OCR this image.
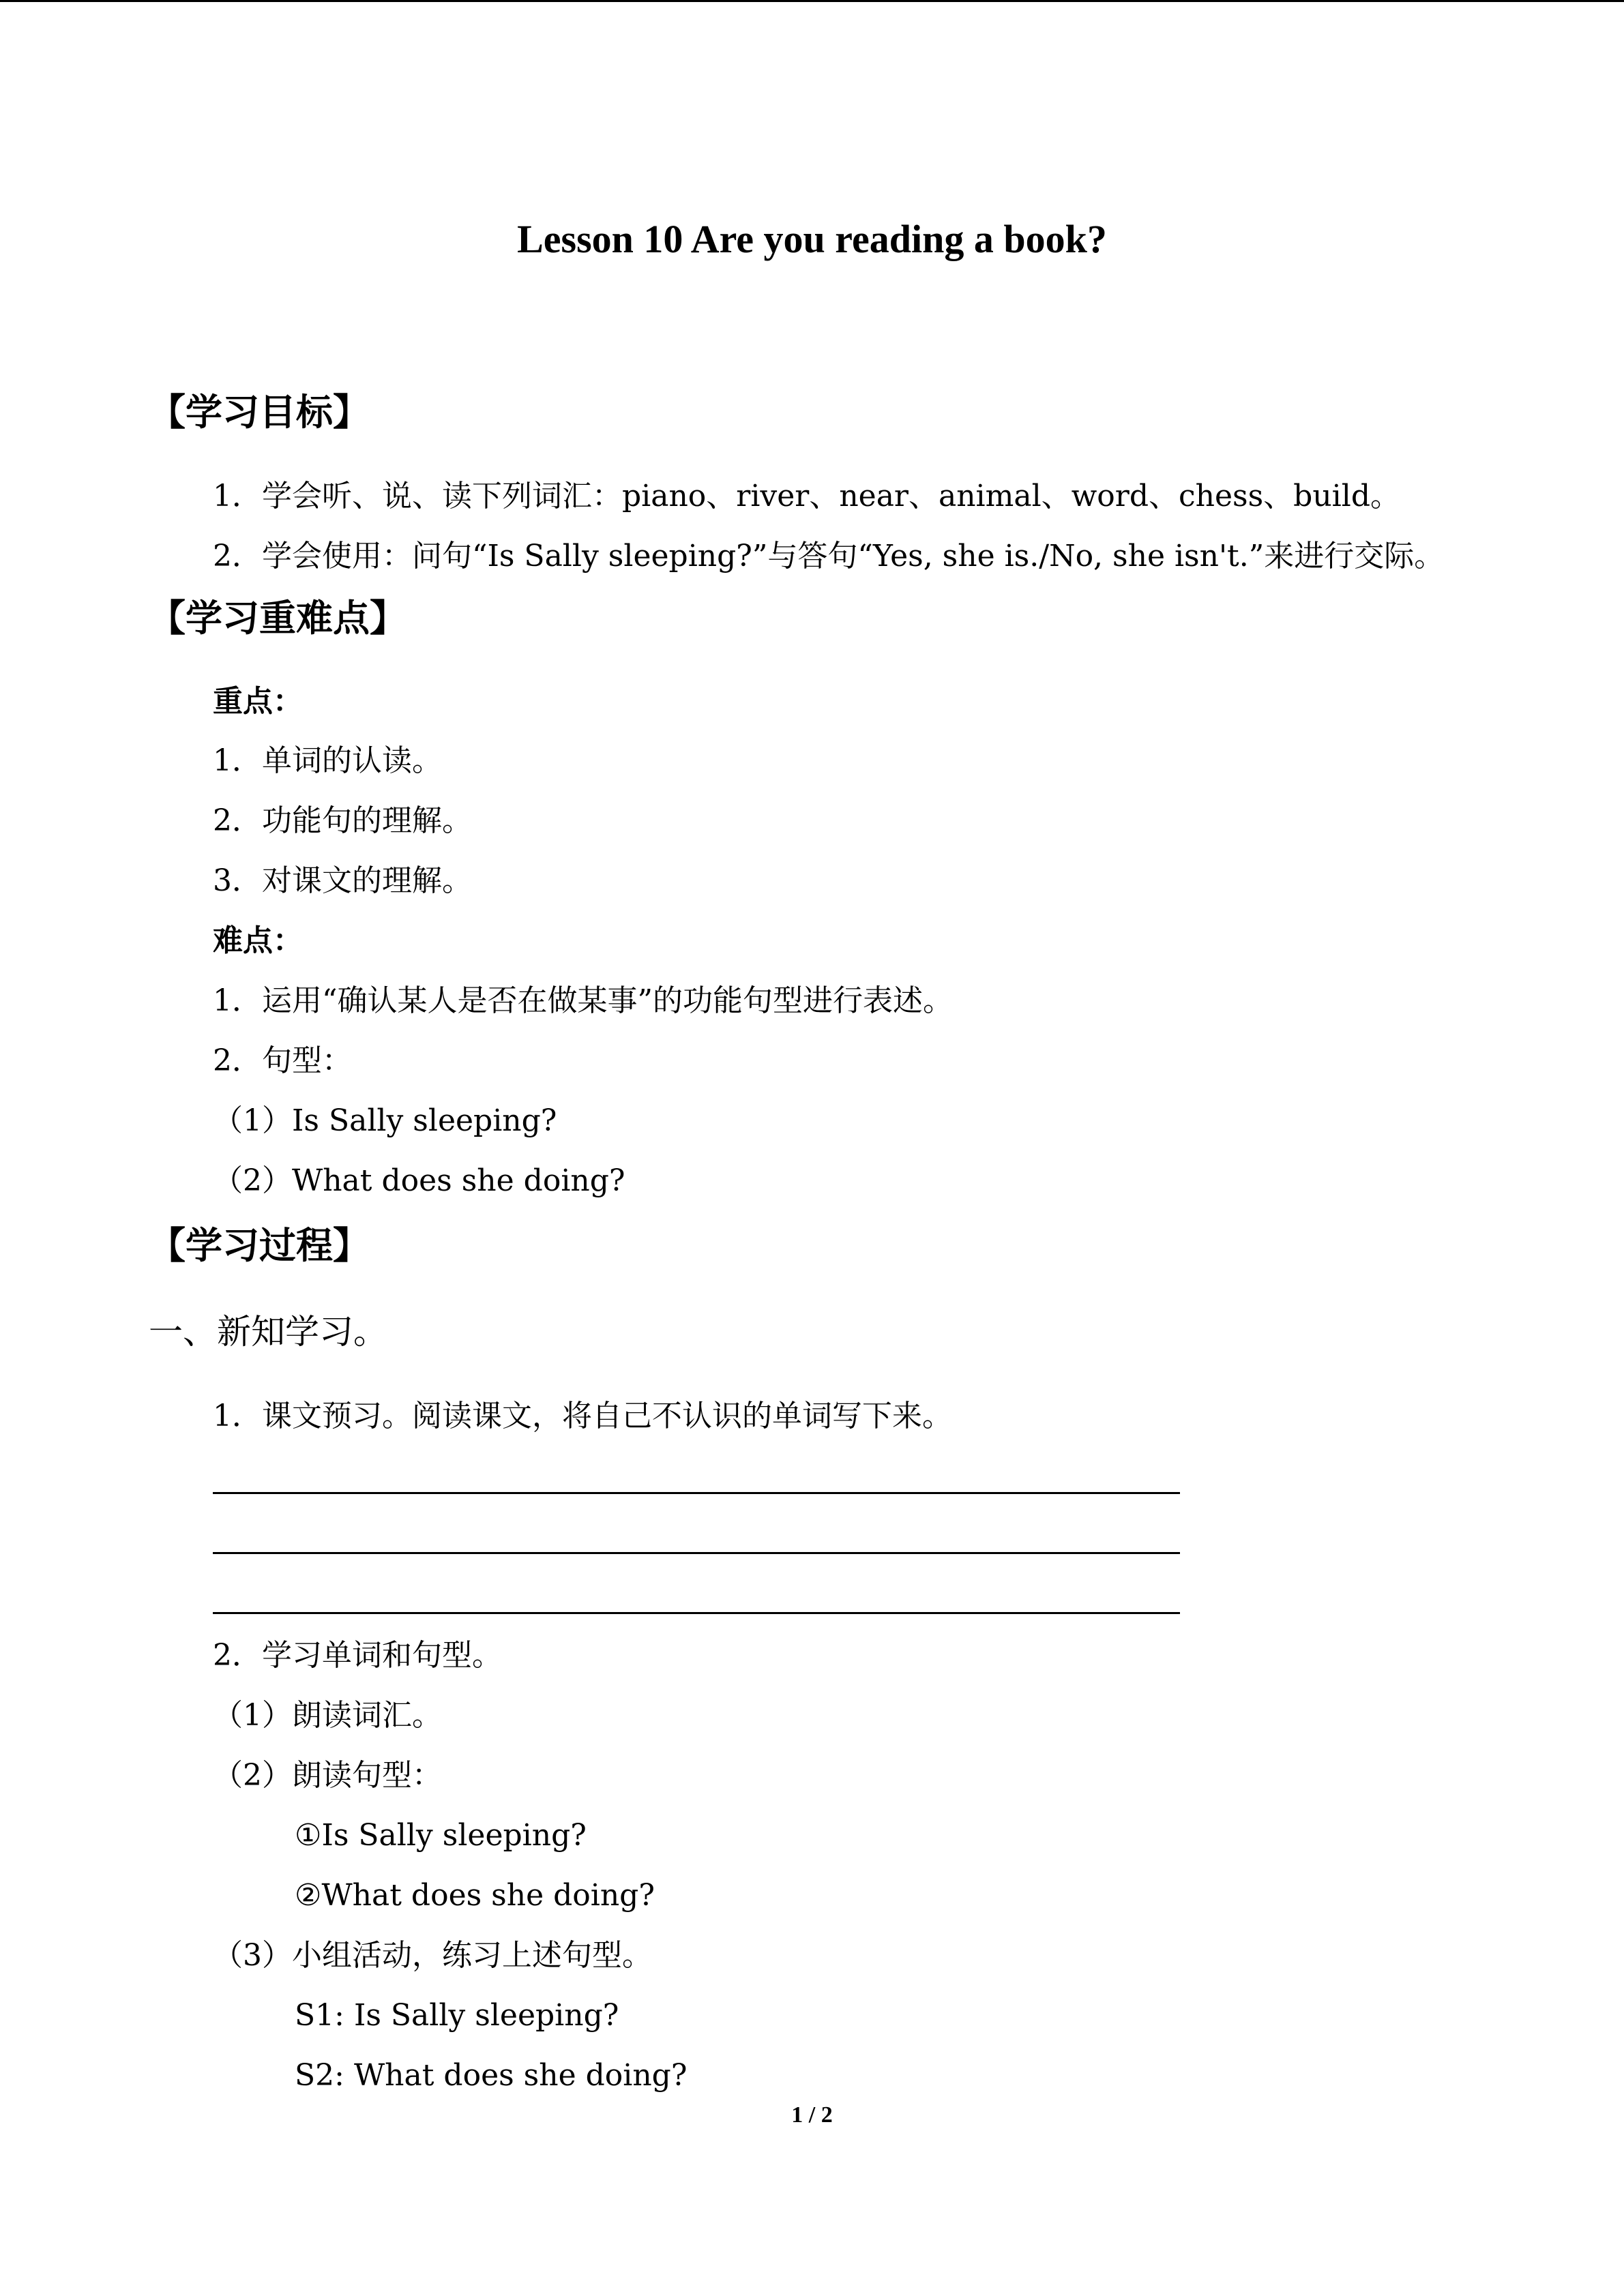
Lesson 10 Are you reading a book?
【学习目标】
1．学会听、说、读下列词汇：piano、river、near、animal、word、chess、build。
2．学会使用：问句“Is Sally sleeping?”与答句“Yes, she is./No, she isn't.”来进行交际。
【学习重难点】
重点：
1．单词的认读。
2．功能句的理解。
3．对课文的理解。
难点：
1．运用“确认某人是否在做某事”的功能句型进行表述。
2．句型：
（1）Is Sally sleeping?
（2）What does she doing?
【学习过程】
一、新知学习。
1．课文预习。阅读课文，将自己不认识的单词写下来。
2．学习单词和句型。
（1）朗读词汇。
（2）朗读句型：
①Is Sally sleeping?
②What does she doing?
（3）小组活动，练习上述句型。
S1: Is Sally sleeping?
S2: What does she doing?
1 / 2
